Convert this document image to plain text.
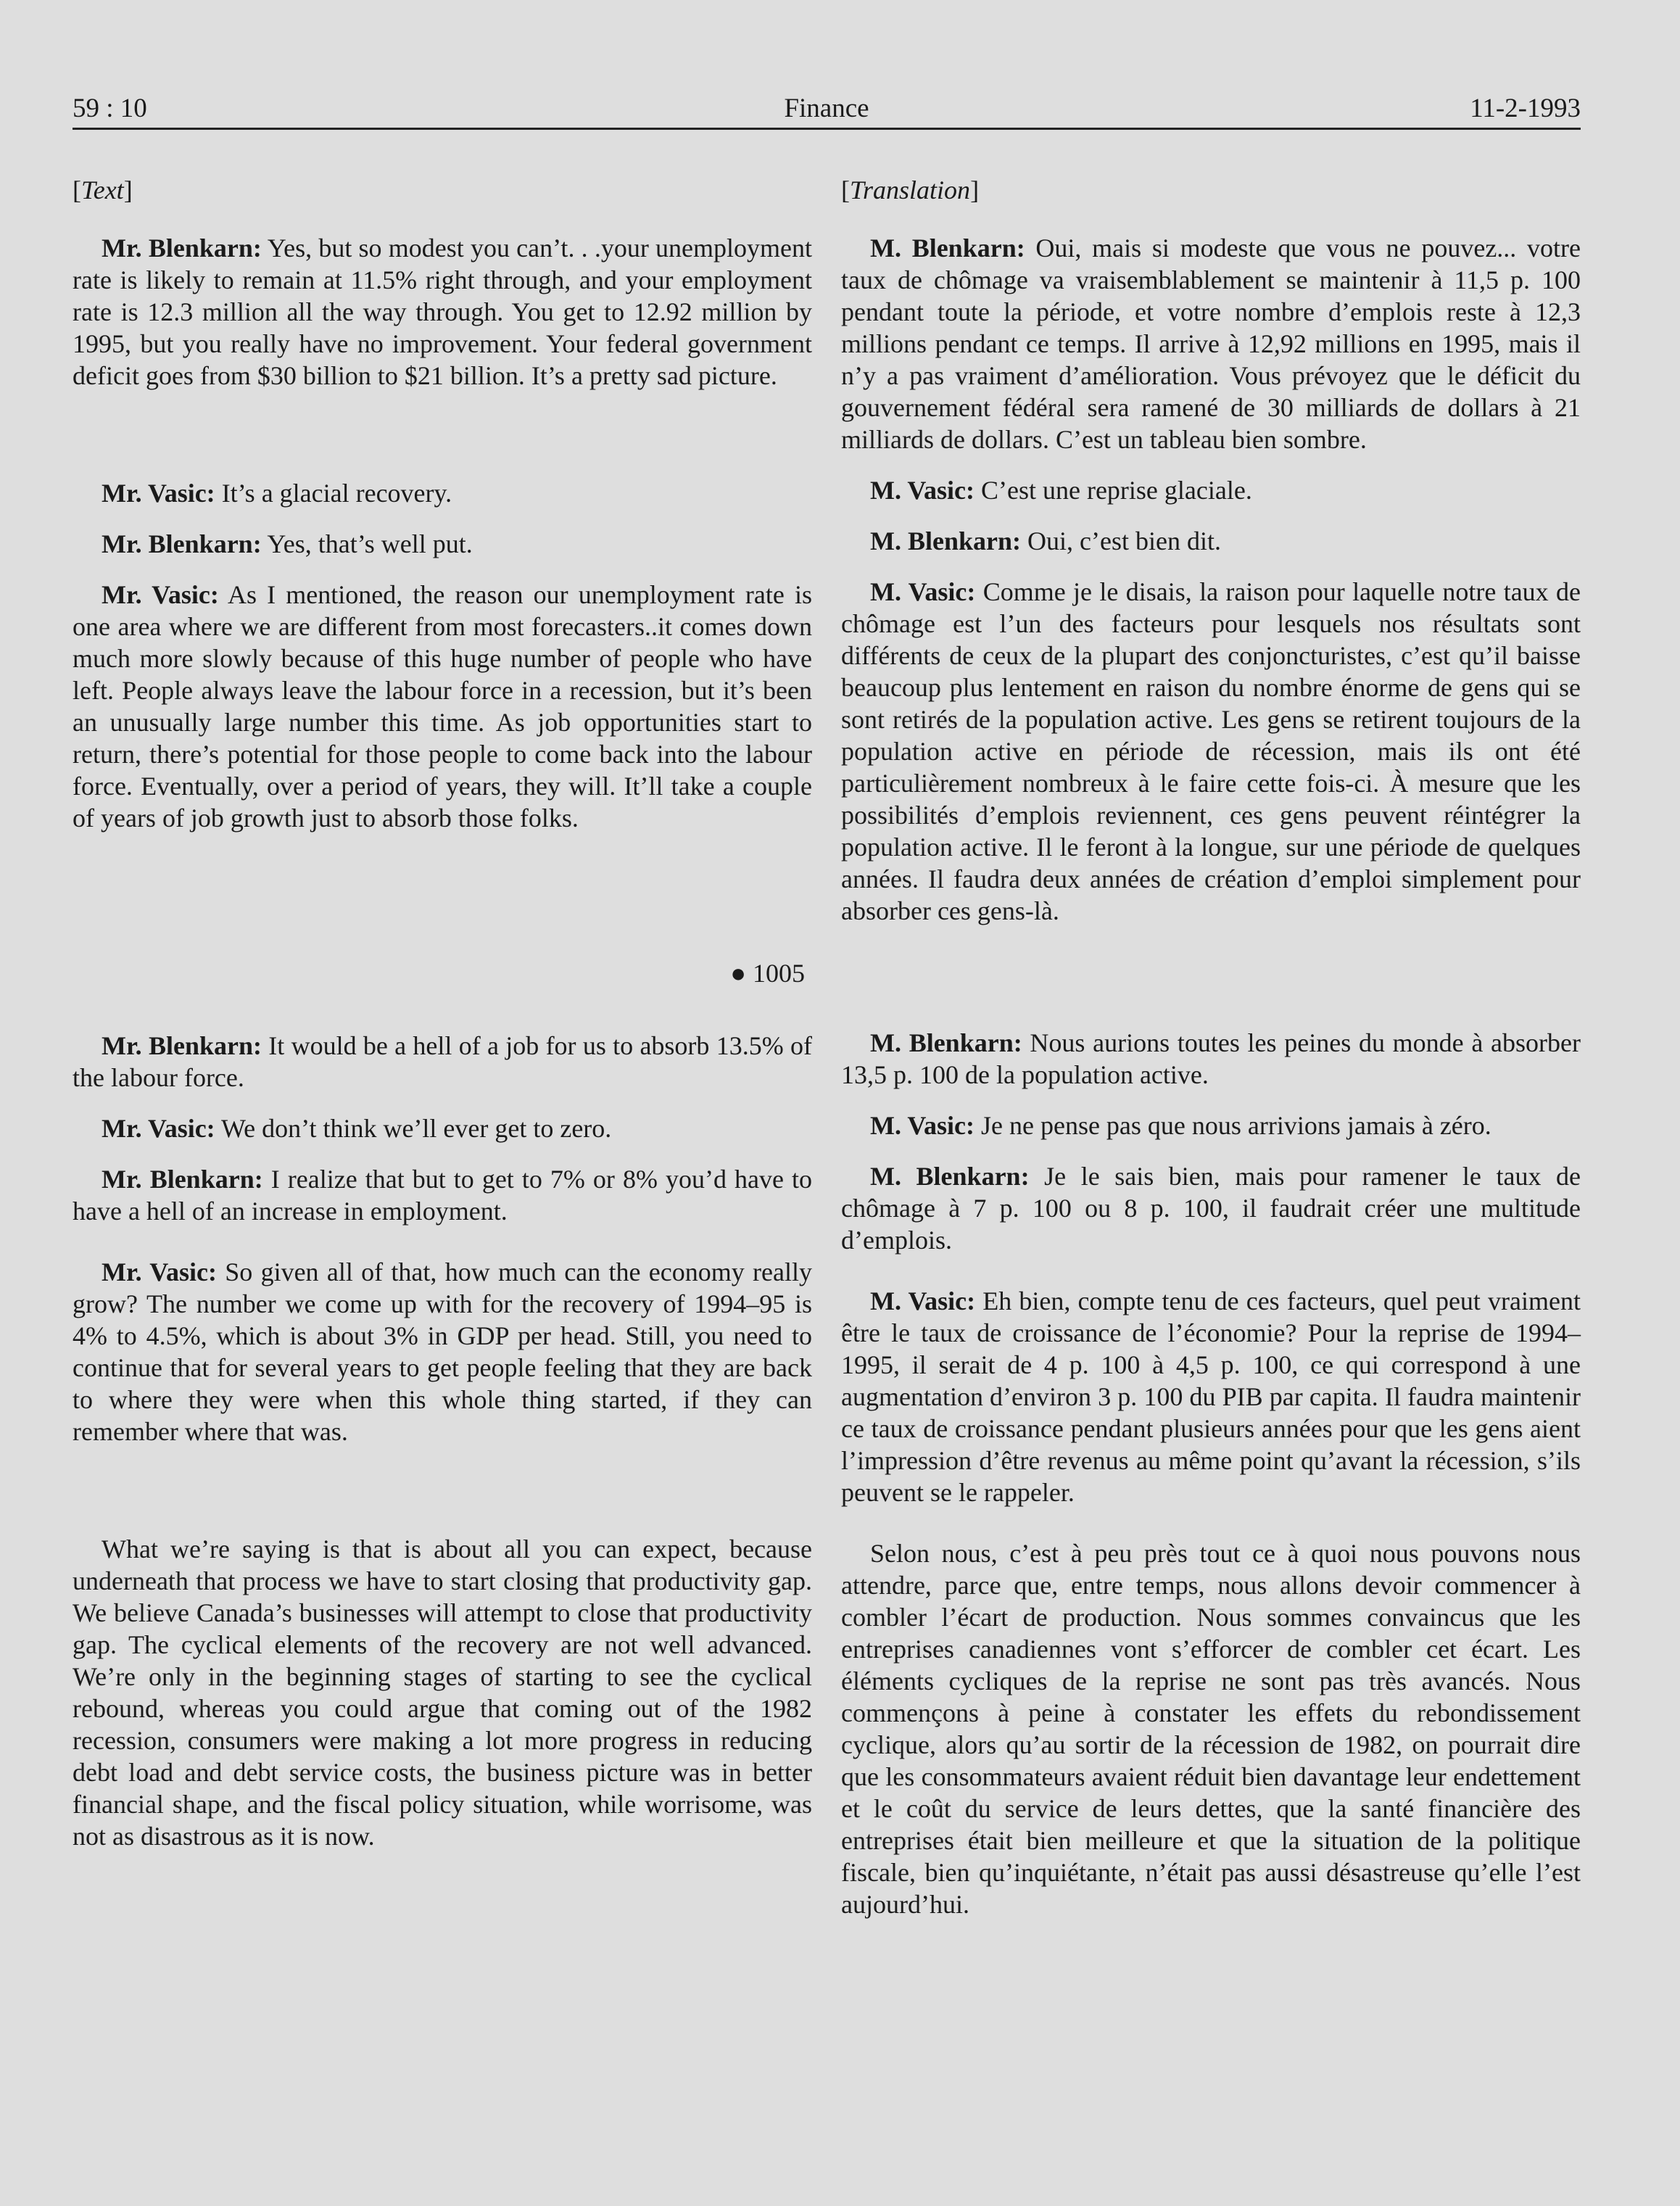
59 : 10	Finance	11-2-1993
[Text]

Mr. Blenkarn: Yes, but so modest you can’t. . .your unemployment rate is likely to remain at 11.5% right through, and your employment rate is 12.3 million all the way through. You get to 12.92 million by 1995, but you really have no improvement. Your federal government deficit goes from $30 billion to $21 billion. It’s a pretty sad picture.

Mr. Vasic: It’s a glacial recovery.

Mr. Blenkarn: Yes, that’s well put.

Mr. Vasic: As I mentioned, the reason our unemployment rate is one area where we are different from most forecasters..it comes down much more slowly because of this huge number of people who have left. People always leave the labour force in a recession, but it’s been an unusually large number this time. As job opportunities start to return, there’s potential for those people to come back into the labour force. Eventually, over a period of years, they will. It’ll take a couple of years of job growth just to absorb those folks.

● 1005

Mr. Blenkarn: It would be a hell of a job for us to absorb 13.5% of the labour force.

Mr. Vasic: We don’t think we’ll ever get to zero.

Mr. Blenkarn: I realize that but to get to 7% or 8% you’d have to have a hell of an increase in employment.

Mr. Vasic: So given all of that, how much can the economy really grow? The number we come up with for the recovery of 1994–95 is 4% to 4.5%, which is about 3% in GDP per head. Still, you need to continue that for several years to get people feeling that they are back to where they were when this whole thing started, if they can remember where that was.

What we’re saying is that is about all you can expect, because underneath that process we have to start closing that productivity gap. We believe Canada’s businesses will attempt to close that productivity gap. The cyclical elements of the recovery are not well advanced. We’re only in the beginning stages of starting to see the cyclical rebound, whereas you could argue that coming out of the 1982 recession, consumers were making a lot more progress in reducing debt load and debt service costs, the business picture was in better financial shape, and the fiscal policy situation, while worrisome, was not as disastrous as it is now.

[Translation]

M. Blenkarn: Oui, mais si modeste que vous ne pouvez... votre taux de chômage va vraisemblablement se maintenir à 11,5 p. 100 pendant toute la période, et votre nombre d’emplois reste à 12,3 millions pendant ce temps. Il arrive à 12,92 millions en 1995, mais il n’y a pas vraiment d’amélioration. Vous prévoyez que le déficit du gouvernement fédéral sera ramené de 30 milliards de dollars à 21 milliards de dollars. C’est un tableau bien sombre.

M. Vasic: C’est une reprise glaciale.

M. Blenkarn: Oui, c’est bien dit.

M. Vasic: Comme je le disais, la raison pour laquelle notre taux de chômage est l’un des facteurs pour lesquels nos résultats sont différents de ceux de la plupart des conjoncturistes, c’est qu’il baisse beaucoup plus lentement en raison du nombre énorme de gens qui se sont retirés de la population active. Les gens se retirent toujours de la population active en période de récession, mais ils ont été particulièrement nombreux à le faire cette fois-ci. À mesure que les possibilités d’emplois reviennent, ces gens peuvent réintégrer la population active. Il le feront à la longue, sur une période de quelques années. Il faudra deux années de création d’emploi simplement pour absorber ces gens-là.

M. Blenkarn: Nous aurions toutes les peines du monde à absorber 13,5 p. 100 de la population active.

M. Vasic: Je ne pense pas que nous arrivions jamais à zéro.

M. Blenkarn: Je le sais bien, mais pour ramener le taux de chômage à 7 p. 100 ou 8 p. 100, il faudrait créer une multitude d’emplois.

M. Vasic: Eh bien, compte tenu de ces facteurs, quel peut vraiment être le taux de croissance de l’économie? Pour la reprise de 1994–1995, il serait de 4 p. 100 à 4,5 p. 100, ce qui correspond à une augmentation d’environ 3 p. 100 du PIB par capita. Il faudra maintenir ce taux de croissance pendant plusieurs années pour que les gens aient l’impression d’être revenus au même point qu’avant la récession, s’ils peuvent se le rappeler.

Selon nous, c’est à peu près tout ce à quoi nous pouvons nous attendre, parce que, entre temps, nous allons devoir commencer à combler l’écart de production. Nous sommes convaincus que les entreprises canadiennes vont s’efforcer de combler cet écart. Les éléments cycliques de la reprise ne sont pas très avancés. Nous commençons à peine à constater les effets du rebondissement cyclique, alors qu’au sortir de la récession de 1982, on pourrait dire que les consommateurs avaient réduit bien davantage leur endettement et le coût du service de leurs dettes, que la santé financière des entreprises était bien meilleure et que la situation de la politique fiscale, bien qu’inquiétante, n’était pas aussi désastreuse qu’elle l’est aujourd’hui.
